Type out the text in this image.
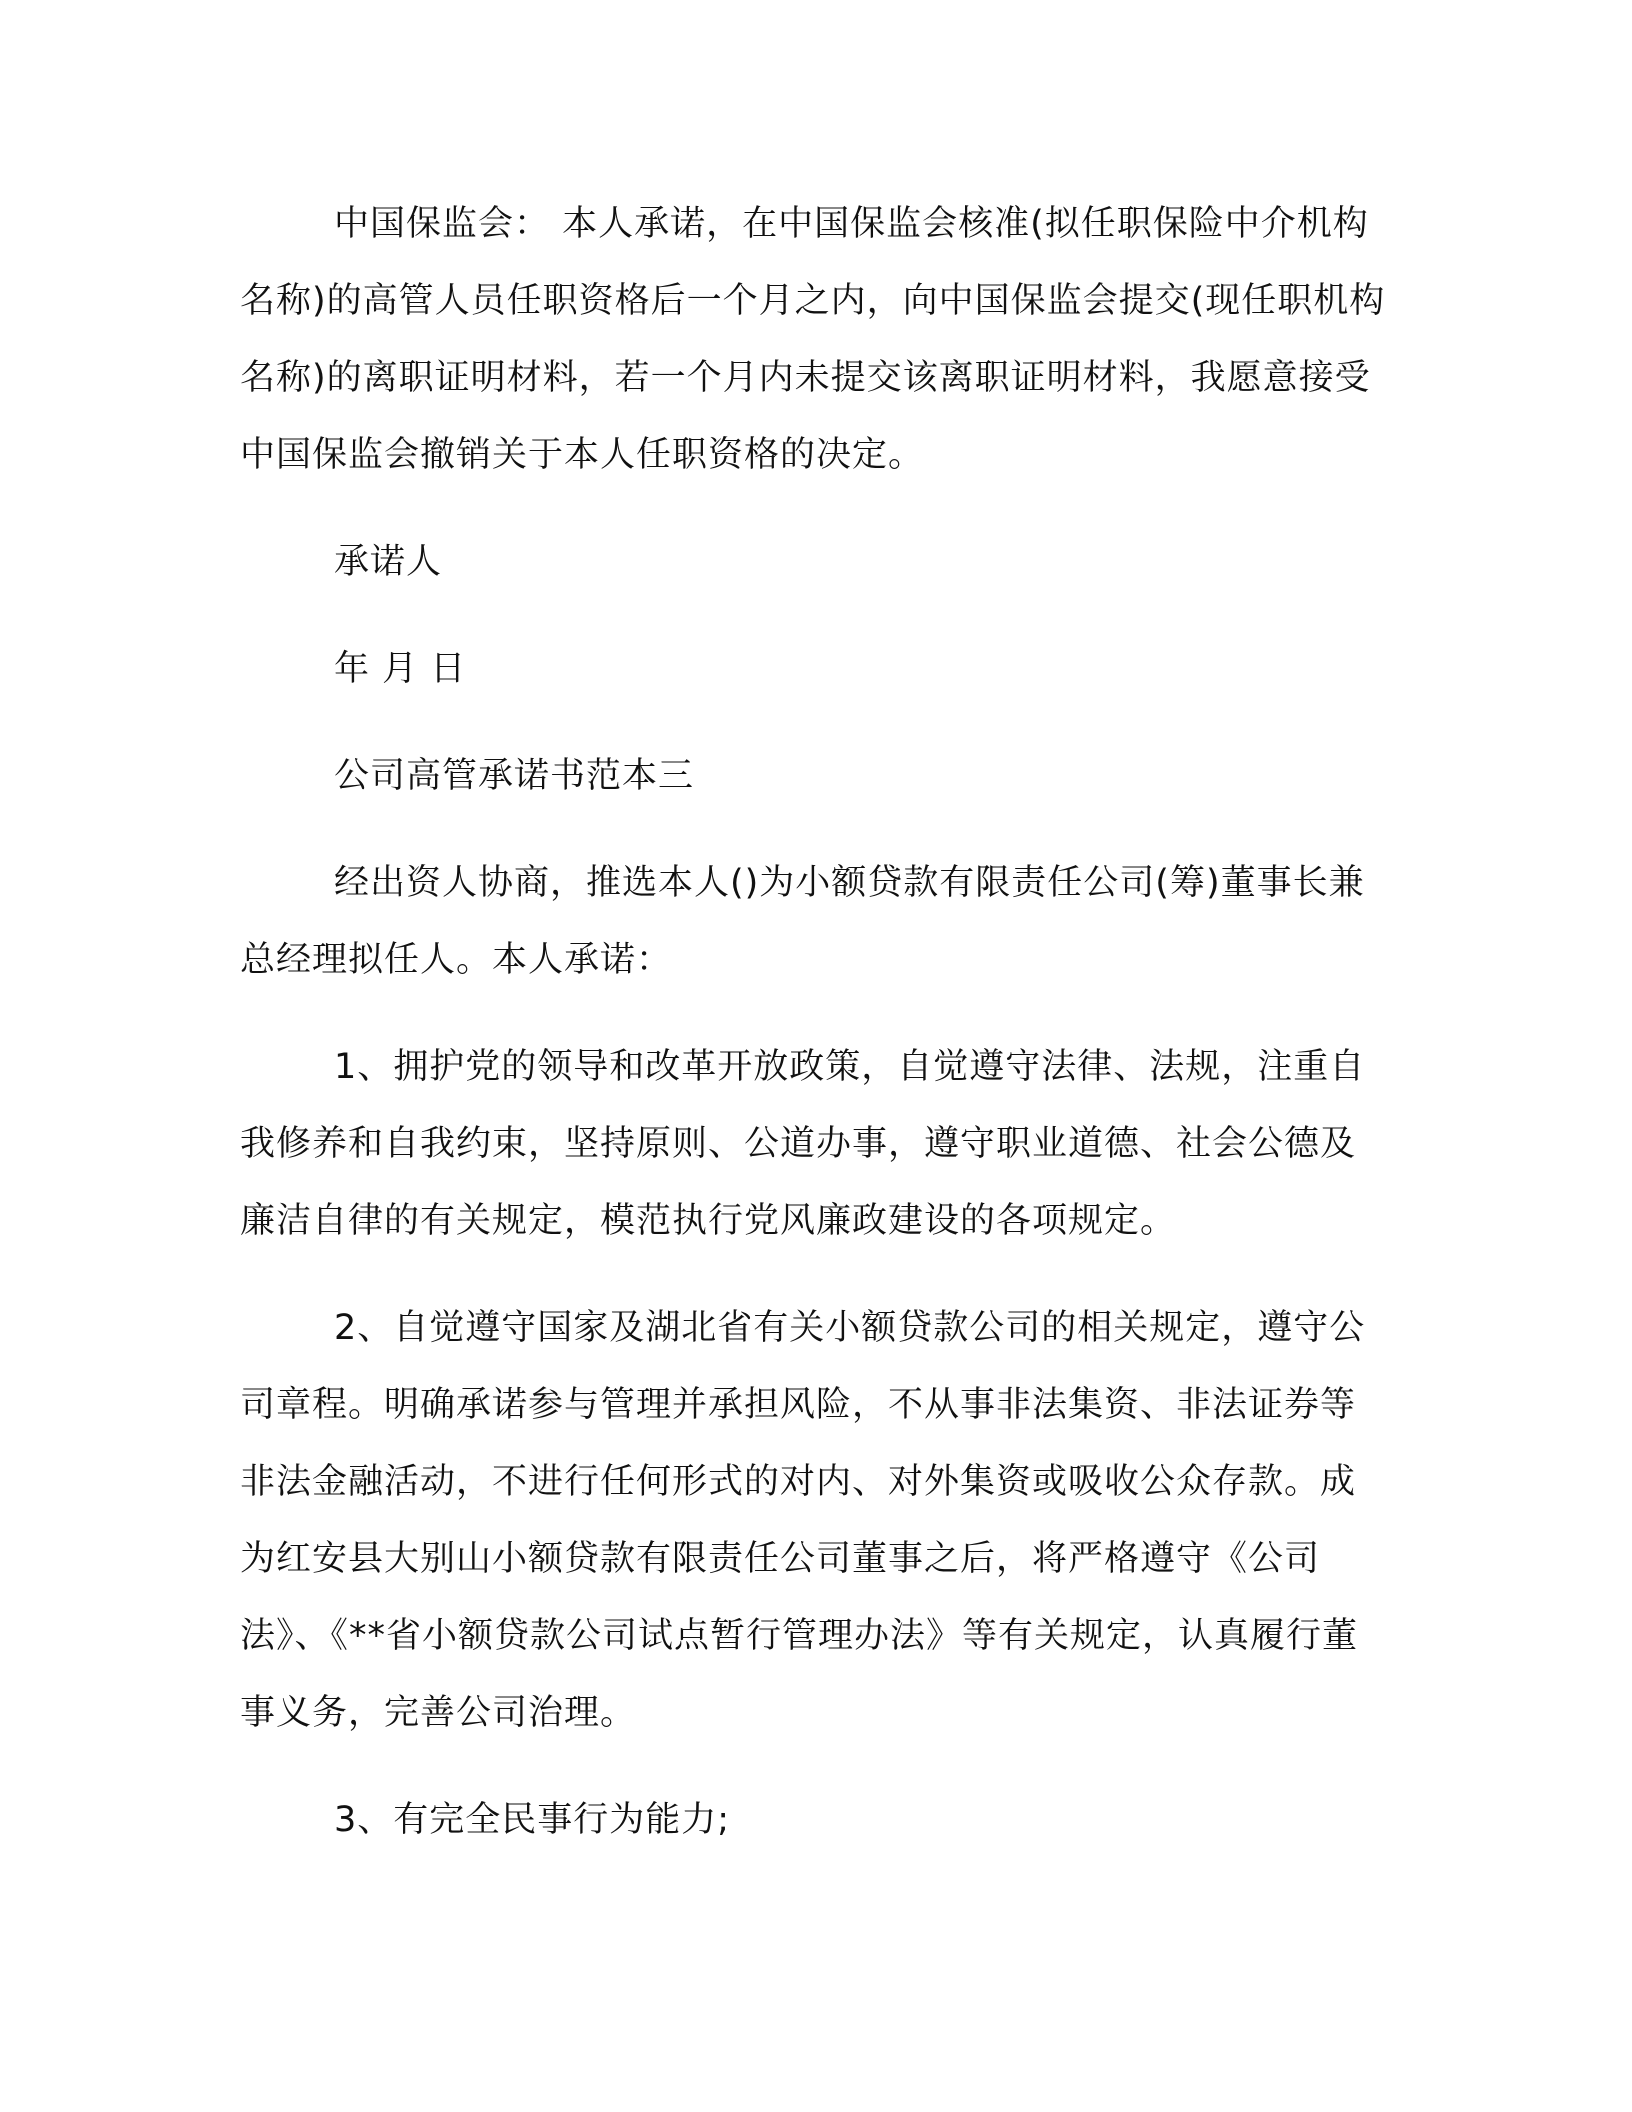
中国保监会： 本人承诺，在中国保监会核准(拟任职保险中介机构名称)的高管人员任职资格后一个月之内，向中国保监会提交(现任职机构名称)的离职证明材料，若一个月内未提交该离职证明材料，我愿意接受中国保监会撤销关于本人任职资格的决定。

承诺人

年 月 日

公司高管承诺书范本三

经出资人协商，推选本人()为小额贷款有限责任公司(筹)董事长兼总经理拟任人。本人承诺：

1、拥护党的领导和改革开放政策，自觉遵守法律、法规，注重自我修养和自我约束，坚持原则、公道办事，遵守职业道德、社会公德及廉洁自律的有关规定，模范执行党风廉政建设的各项规定。

2、自觉遵守国家及湖北省有关小额贷款公司的相关规定，遵守公司章程。明确承诺参与管理并承担风险，不从事非法集资、非法证券等非法金融活动，不进行任何形式的对内、对外集资或吸收公众存款。成为红安县大别山小额贷款有限责任公司董事之后，将严格遵守《公司法》、《**省小额贷款公司试点暂行管理办法》等有关规定，认真履行董事义务，完善公司治理。

3、有完全民事行为能力;
